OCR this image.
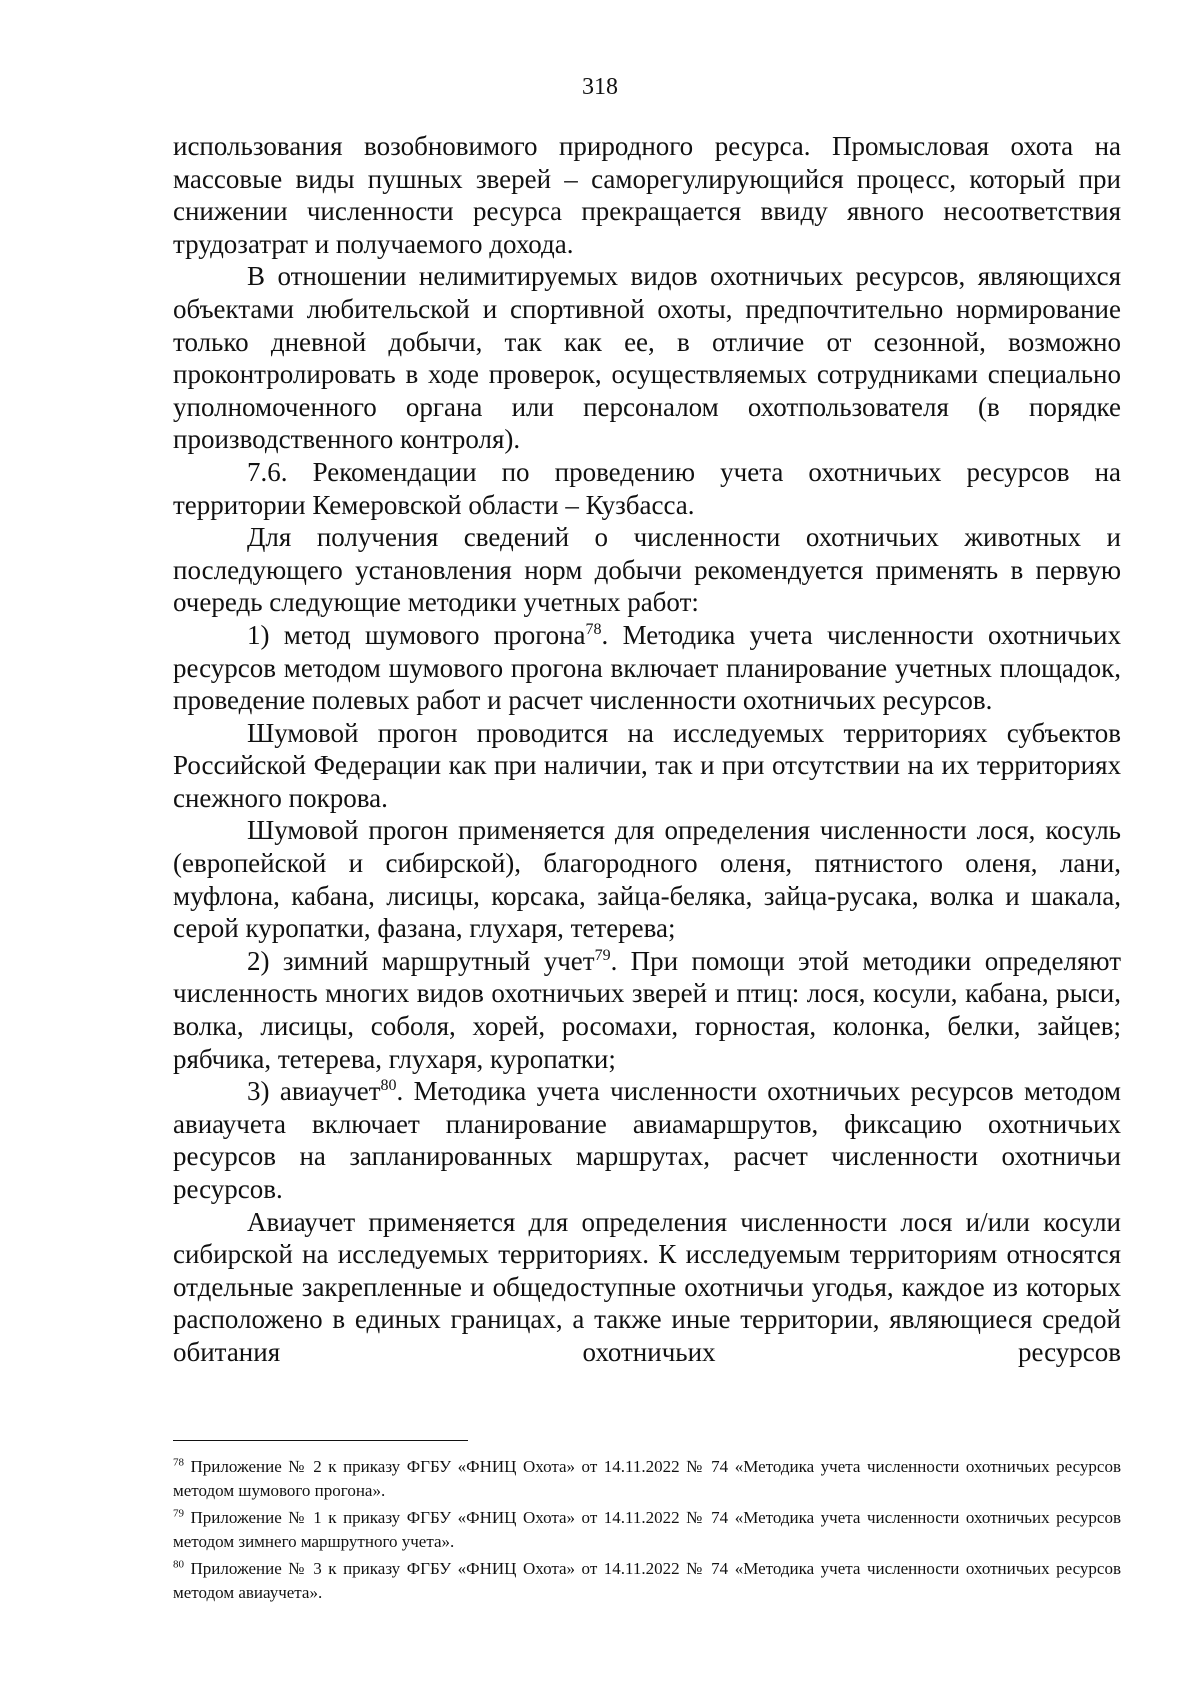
318

использования возобновимого природного ресурса. Промысловая охота на массовые виды пушных зверей – саморегулирующийся процесс, который при снижении численности ресурса прекращается ввиду явного несоответствия трудозатрат и получаемого дохода.

В отношении нелимитируемых видов охотничьих ресурсов, являющихся объектами любительской и спортивной охоты, предпочтительно нормирование только дневной добычи, так как ее, в отличие от сезонной, возможно проконтролировать в ходе проверок, осуществляемых сотрудниками специально уполномоченного органа или персоналом охотпользователя (в порядке производственного контроля).

7.6. Рекомендации по проведению учета охотничьих ресурсов на территории Кемеровской области – Кузбасса.

Для получения сведений о численности охотничьих животных и последующего установления норм добычи рекомендуется применять в первую очередь следующие методики учетных работ:

1) метод шумового прогона$^{78}$. Методика учета численности охотничьих ресурсов методом шумового прогона включает планирование учетных площадок, проведение полевых работ и расчет численности охотничьих ресурсов.

Шумовой прогон проводится на исследуемых территориях субъектов Российской Федерации как при наличии, так и при отсутствии на их территориях снежного покрова.

Шумовой прогон применяется для определения численности лося, косуль (европейской и сибирской), благородного оленя, пятнистого оленя, лани, муфлона, кабана, лисицы, корсака, зайца-беляка, зайца-русака, волка и шакала, серой куропатки, фазана, глухаря, тетерева;

2) зимний маршрутный учет$^{79}$. При помощи этой методики определяют численность многих видов охотничьих зверей и птиц: лося, косули, кабана, рыси, волка, лисицы, соболя, хорей, росомахи, горностая, колонка, белки, зайцев; рябчика, тетерева, глухаря, куропатки;

3) авиаучет$^{80}$. Методика учета численности охотничьих ресурсов методом авиаучета включает планирование авиамаршрутов, фиксацию охотничьих ресурсов на запланированных маршрутах, расчет численности охотничьи ресурсов.

Авиаучет применяется для определения численности лося и/или косули сибирской на исследуемых территориях. К исследуемым территориям относятся отдельные закрепленные и общедоступные охотничьи угодья, каждое из которых расположено в единых границах, а также иные территории, являющиеся средой обитания охотничьих ресурсов

$^{78}$ Приложение № 2 к приказу ФГБУ «ФНИЦ Охота» от 14.11.2022 № 74 «Методика учета численности охотничьих ресурсов методом шумового прогона».

$^{79}$ Приложение № 1 к приказу ФГБУ «ФНИЦ Охота» от 14.11.2022 № 74 «Методика учета численности охотничьих ресурсов методом зимнего маршрутного учета».

$^{80}$ Приложение № 3 к приказу ФГБУ «ФНИЦ Охота» от 14.11.2022 № 74 «Методика учета численности охотничьих ресурсов методом авиаучета».
